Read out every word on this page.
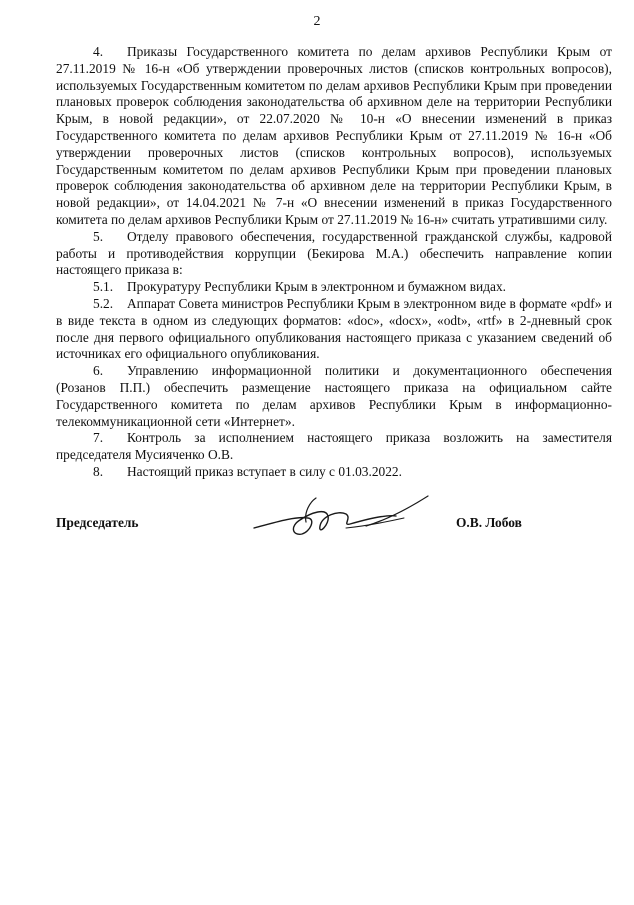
2

4. Приказы Государственного комитета по делам архивов Республики Крым от 27.11.2019 № 16-н «Об утверждении проверочных листов (списков контрольных вопросов), используемых Государственным комитетом по делам архивов Республики Крым при проведении плановых проверок соблюдения законодательства об архивном деле на территории Республики Крым, в новой редакции», от 22.07.2020 № 10-н «О внесении изменений в приказ Государственного комитета по делам архивов Республики Крым от 27.11.2019 № 16-н «Об утверждении проверочных листов (списков контрольных вопросов), используемых Государственным комитетом по делам архивов Республики Крым при проведении плановых проверок соблюдения законодательства об архивном деле на территории Республики Крым, в новой редакции», от 14.04.2021 № 7-н «О внесении изменений в приказ Государственного комитета по делам архивов Республики Крым от 27.11.2019 № 16-н» считать утратившими силу.

5. Отделу правового обеспечения, государственной гражданской службы, кадровой работы и противодействия коррупции (Бекирова М.А.) обеспечить направление копии настоящего приказа в:

5.1. Прокуратуру Республики Крым в электронном и бумажном видах.

5.2. Аппарат Совета министров Республики Крым в электронном виде в формате «pdf» и в виде текста в одном из следующих форматов: «doc», «docx», «odt», «rtf» в 2-дневный срок после дня первого официального опубликования настоящего приказа с указанием сведений об источниках его официального опубликования.

6. Управлению информационной политики и документационного обеспечения (Розанов П.П.) обеспечить размещение настоящего приказа на официальном сайте Государственного комитета по делам архивов Республики Крым в информационно-телекоммуникационной сети «Интернет».

7. Контроль за исполнением настоящего приказа возложить на заместителя председателя Мусияченко О.В.

8. Настоящий приказ вступает в силу с 01.03.2022.

Председатель	О.В. Лобов
